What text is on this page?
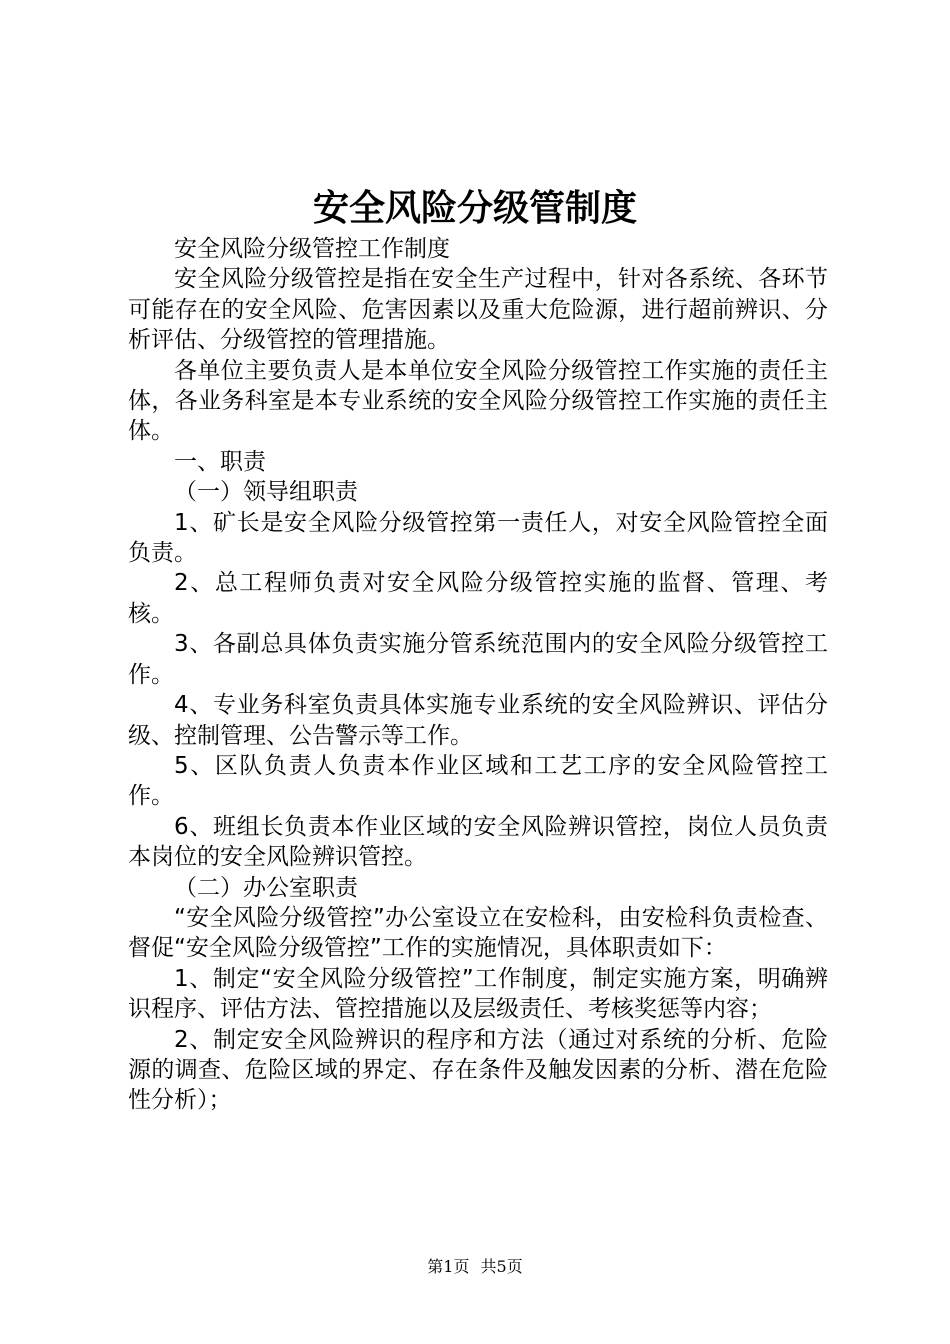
安全风险分级管制度

安全风险分级管控工作制度

安全风险分级管控是指在安全生产过程中，针对各系统、各环节可能存在的安全风险、危害因素以及重大危险源，进行超前辨识、分析评估、分级管控的管理措施。

各单位主要负责人是本单位安全风险分级管控工作实施的责任主体，各业务科室是本专业系统的安全风险分级管控工作实施的责任主体。

一、职责

（一）领导组职责

1、矿长是安全风险分级管控第一责任人，对安全风险管控全面负责。

2、总工程师负责对安全风险分级管控实施的监督、管理、考核。

3、各副总具体负责实施分管系统范围内的安全风险分级管控工作。

4、专业务科室负责具体实施专业系统的安全风险辨识、评估分级、控制管理、公告警示等工作。

5、区队负责人负责本作业区域和工艺工序的安全风险管控工作。

6、班组长负责本作业区域的安全风险辨识管控，岗位人员负责本岗位的安全风险辨识管控。

（二）办公室职责

“安全风险分级管控”办公室设立在安检科，由安检科负责检查、督促“安全风险分级管控”工作的实施情况，具体职责如下：

1、制定“安全风险分级管控”工作制度，制定实施方案，明确辨识程序、评估方法、管控措施以及层级责任、考核奖惩等内容；

2、制定安全风险辨识的程序和方法（通过对系统的分析、危险源的调查、危险区域的界定、存在条件及触发因素的分析、潜在危险性分析）；

第1页 共5页
